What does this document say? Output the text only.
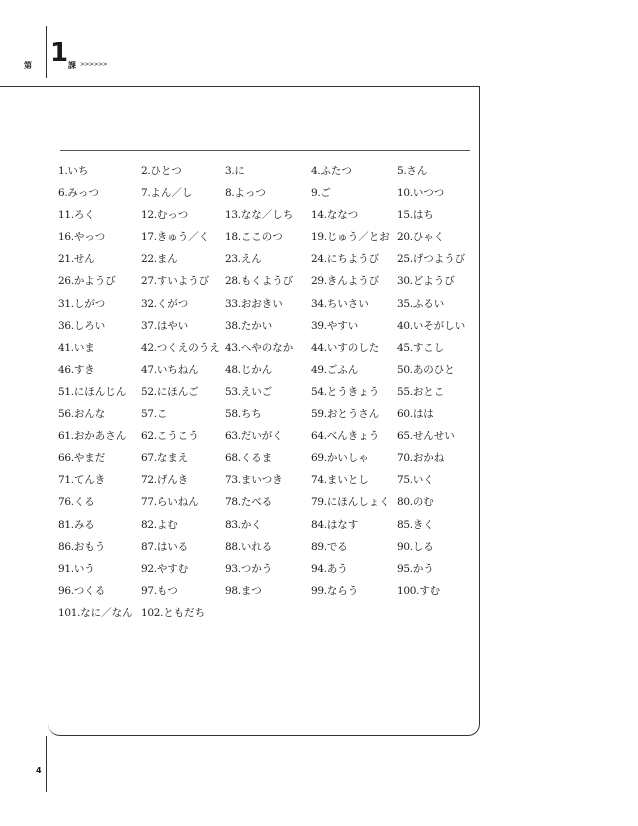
第 1 課 >>>>>>
1.いち	2.ひとつ	3.に	4.ふたつ	5.さん
6.みっつ	7.よん／し	8.よっつ	9.ご	10.いつつ
11.ろく	12.むっつ	13.なな／しち	14.ななつ	15.はち
16.やっつ	17.きゅう／く	18.ここのつ	19.じゅう／とお 20.ひゃく
21.せん	22.まん	23.えん	24.にちようび	25.げつようび
26.かようび	27.すいようび	28.もくようび	29.きんようび	30.どようび
31.しがつ	32.くがつ	33.おおきい	34.ちいさい	35.ふるい
36.しろい	37.はやい	38.たかい	39.やすい	40.いそがしい
41.いま	42.つくえのうえ 43.へやのなか	44.いすのした	45.すこし
46.すき	47.いちねん	48.じかん	49.ごふん	50.あのひと
51.にほんじん	52.にほんご	53.えいご	54.とうきょう	55.おとこ
56.おんな	57.こ	58.ちち	59.おとうさん	60.はは
61.おかあさん	62.こうこう	63.だいがく	64.べんきょう	65.せんせい
66.やまだ	67.なまえ	68.くるま	69.かいしゃ	70.おかね
71.てんき	72.げんき	73.まいつき	74.まいとし	75.いく
76.くる	77.らいねん	78.たべる	79.にほんしょく 80.のむ
81.みる	82.よむ	83.かく	84.はなす	85.きく
86.おもう	87.はいる	88.いれる	89.でる	90.しる
91.いう	92.やすむ	93.つかう	94.あう	95.かう
96.つくる	97.もつ	98.まつ	99.ならう	100.すむ
101.なに／なん 102.ともだち
4
